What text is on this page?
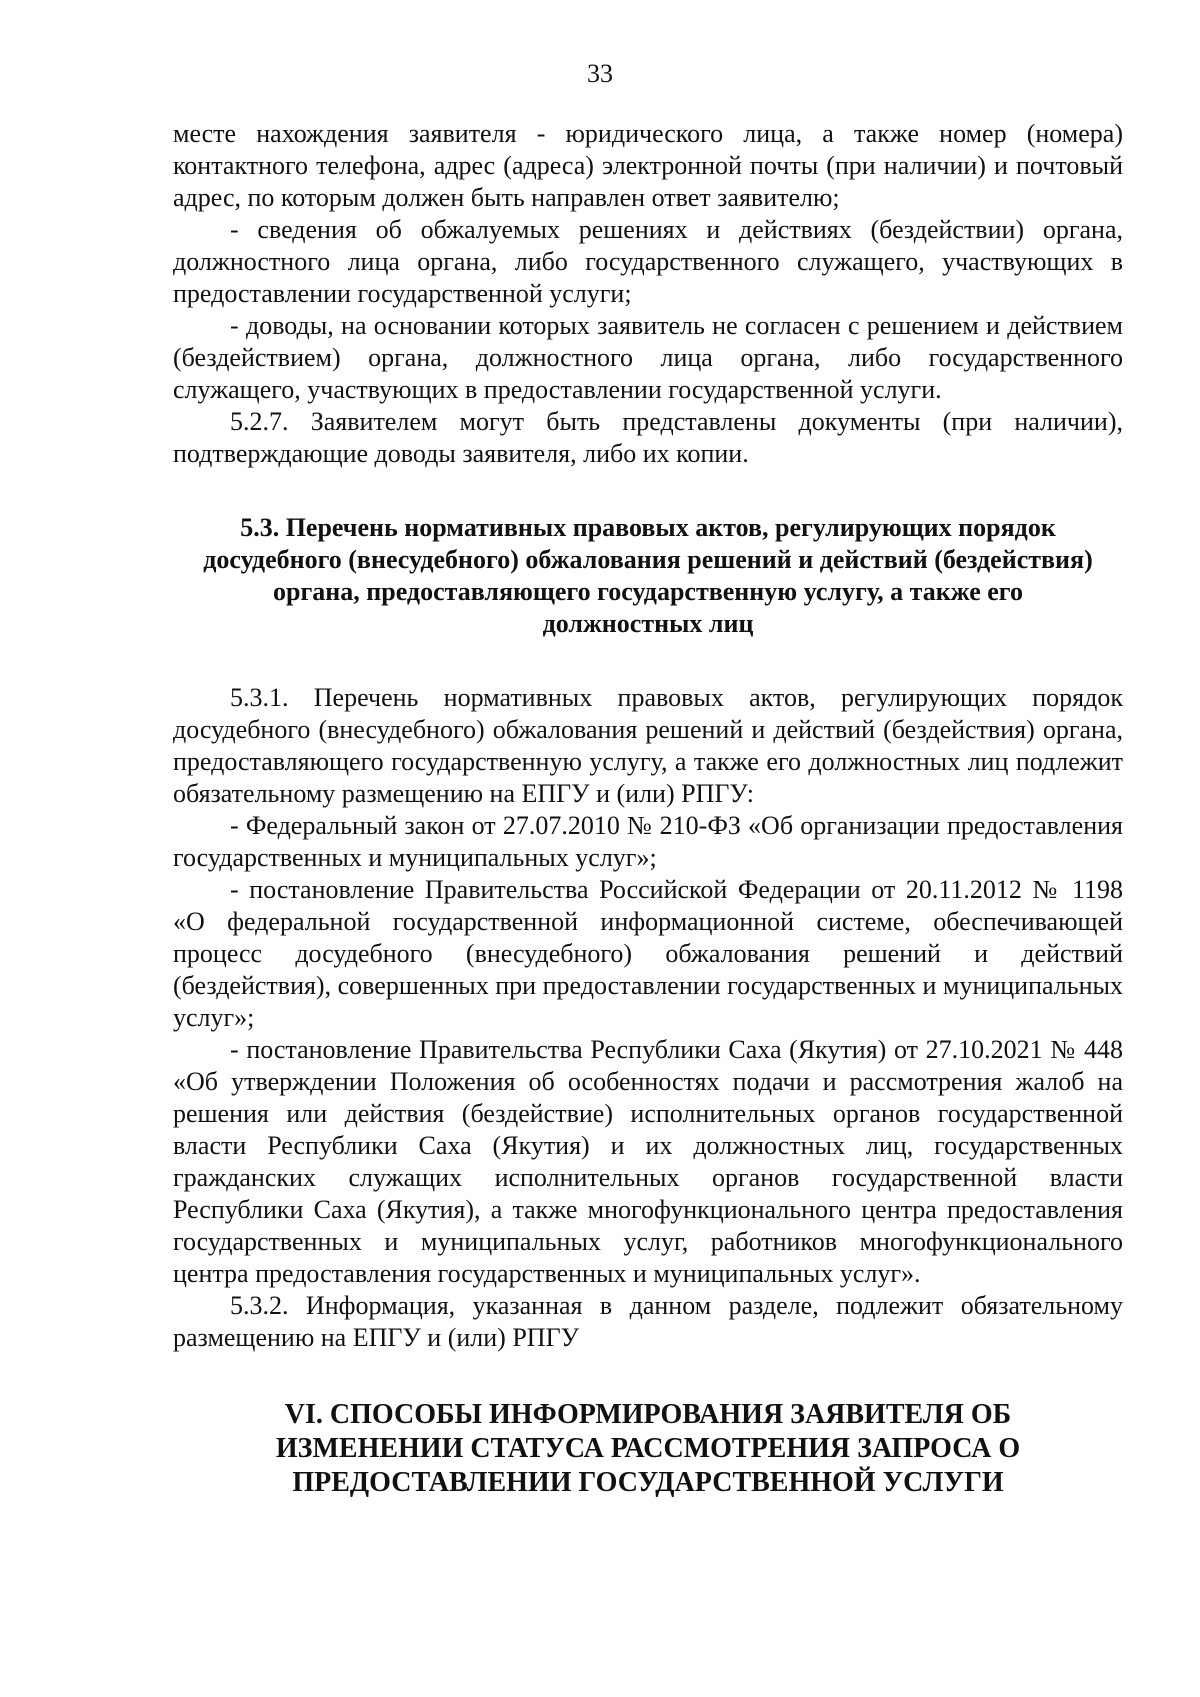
33

месте нахождения заявителя - юридического лица, а также номер (номера) контактного телефона, адрес (адреса) электронной почты (при наличии) и почтовый адрес, по которым должен быть направлен ответ заявителю;

- сведения об обжалуемых решениях и действиях (бездействии) органа, должностного лица органа, либо государственного служащего, участвующих в предоставлении государственной услуги;

- доводы, на основании которых заявитель не согласен с решением и действием (бездействием) органа, должностного лица органа, либо государственного служащего, участвующих в предоставлении государственной услуги.

5.2.7. Заявителем могут быть представлены документы (при наличии), подтверждающие доводы заявителя, либо их копии.

5.3. Перечень нормативных правовых актов, регулирующих порядок досудебного (внесудебного) обжалования решений и действий (бездействия) органа, предоставляющего государственную услугу, а также его должностных лиц

5.3.1. Перечень нормативных правовых актов, регулирующих порядок досудебного (внесудебного) обжалования решений и действий (бездействия) органа, предоставляющего государственную услугу, а также его должностных лиц подлежит обязательному размещению на ЕПГУ и (или) РПГУ:

- Федеральный закон от 27.07.2010 № 210-ФЗ «Об организации предоставления государственных и муниципальных услуг»;

- постановление Правительства Российской Федерации от 20.11.2012 № 1198 «О федеральной государственной информационной системе, обеспечивающей процесс досудебного (внесудебного) обжалования решений и действий (бездействия), совершенных при предоставлении государственных и муниципальных услуг»;

- постановление Правительства Республики Саха (Якутия) от 27.10.2021 № 448 «Об утверждении Положения об особенностях подачи и рассмотрения жалоб на решения или действия (бездействие) исполнительных органов государственной власти Республики Саха (Якутия) и их должностных лиц, государственных гражданских служащих исполнительных органов государственной власти Республики Саха (Якутия), а также многофункционального центра предоставления государственных и муниципальных услуг, работников многофункционального центра предоставления государственных и муниципальных услуг».

5.3.2. Информация, указанная в данном разделе, подлежит обязательному размещению на ЕПГУ и (или) РПГУ

VI. СПОСОБЫ ИНФОРМИРОВАНИЯ ЗАЯВИТЕЛЯ ОБ ИЗМЕНЕНИИ СТАТУСА РАССМОТРЕНИЯ ЗАПРОСА О ПРЕДОСТАВЛЕНИИ ГОСУДАРСТВЕННОЙ УСЛУГИ
